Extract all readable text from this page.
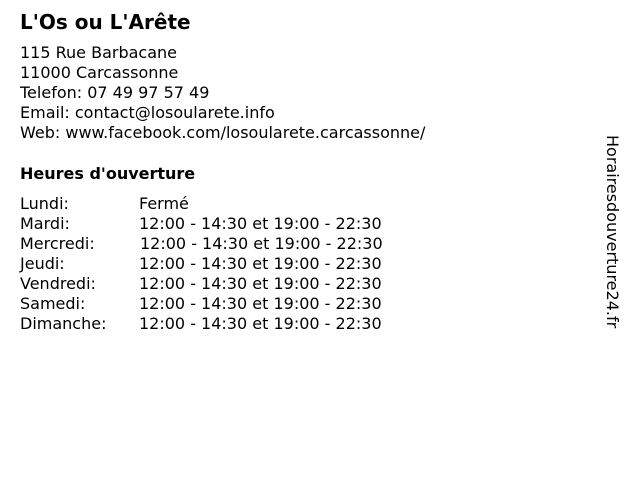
L'Os ou L'Arête
115 Rue Barbacane
11000 Carcassonne
Telefon: 07 49 97 57 49
Email: contact@losoularete.info
Web: www.facebook.com/losoularete.carcassonne/
Heures d'ouverture
Lundi:	Fermé
Mardi:	12:00 - 14:30 et 19:00 - 22:30
Mercredi:	12:00 - 14:30 et 19:00 - 22:30
Jeudi:	12:00 - 14:30 et 19:00 - 22:30
Vendredi:	12:00 - 14:30 et 19:00 - 22:30
Samedi:	12:00 - 14:30 et 19:00 - 22:30
Dimanche: 12:00 - 14:30 et 19:00 - 22:30	Horairesdouverture24.fr
